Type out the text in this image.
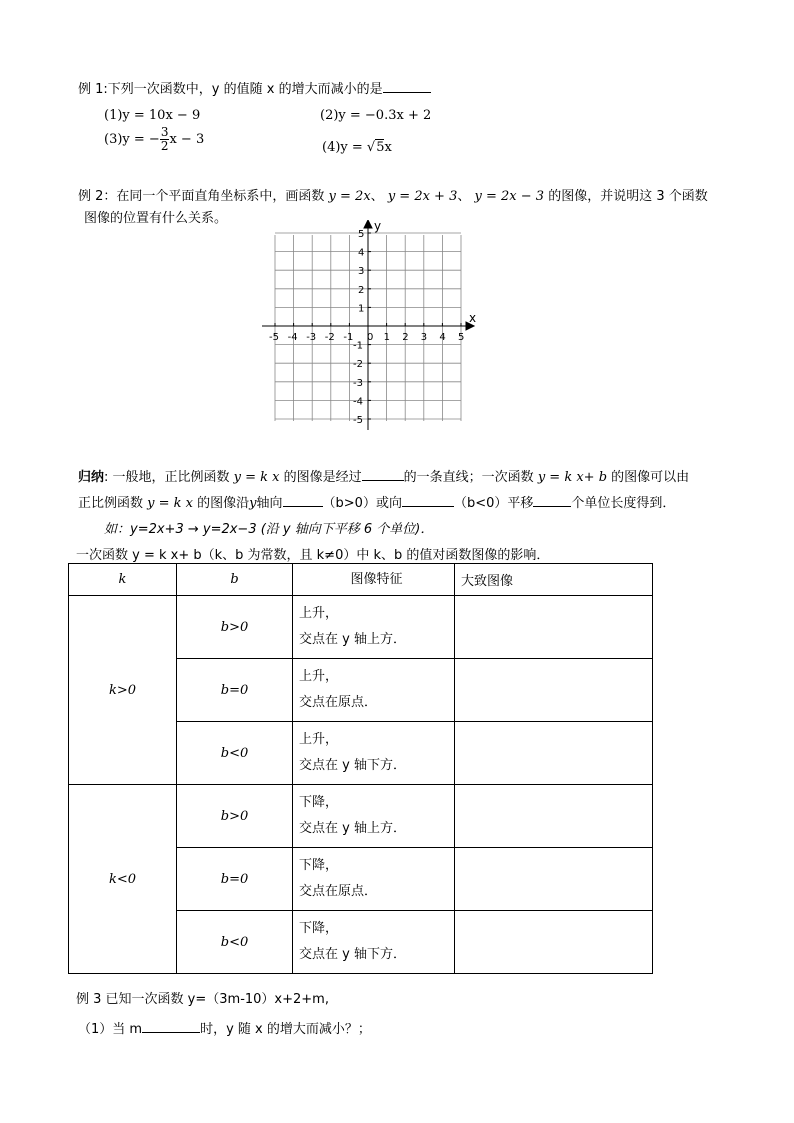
例 1:下列一次函数中，y 的值随 x 的增大而减小的是
(1)y = 10x − 9	(2)y = −0.3x + 2
(3)y = − $\frac{3}{2}$ x − 3
(4)y = √5x
例 2：在同一个平面直角坐标系中，画函数 y = 2x、 y = 2x + 3、 y = 2x − 3 的图像，并说明这 3 个函数
图像的位置有什么关系。
x
y
0
-5 -4 -3 -2 -1	1 2 3 4 5
5
4
3
2
1
-1
-2
-3
-4
-5
归纳: 一般地，正比例函数 y = k x 的图像是经过	的一条直线；一次函数 y = k x+ b 的图像可以由
正比例函数 y = k x 的图像沿y轴向	（b>0）或向	（b<0）平移	个单位长度得到．
如：y=2x+3 → y=2x−3 (沿 y 轴向下平移 6 个单位)．
一次函数 y = k x+ b（k、b 为常数，且 k≠0）中 k、b 的值对函数图像的影响．
k	b	图像特征	大致图像
k>0	b>0	上升，
交点在 y 轴上方．	

	b=0	上升，
交点在原点．	

	b<0	上升，
交点在 y 轴下方．	

k<0	b>0	下降，
交点在 y 轴上方．	

	b=0	下降，
交点在原点．	

	b<0	下降，
交点在 y 轴下方．	

例 3 已知一次函数 y=（3m-10）x+2+m,
（1）当 m	时，y 随 x 的增大而减小？；
